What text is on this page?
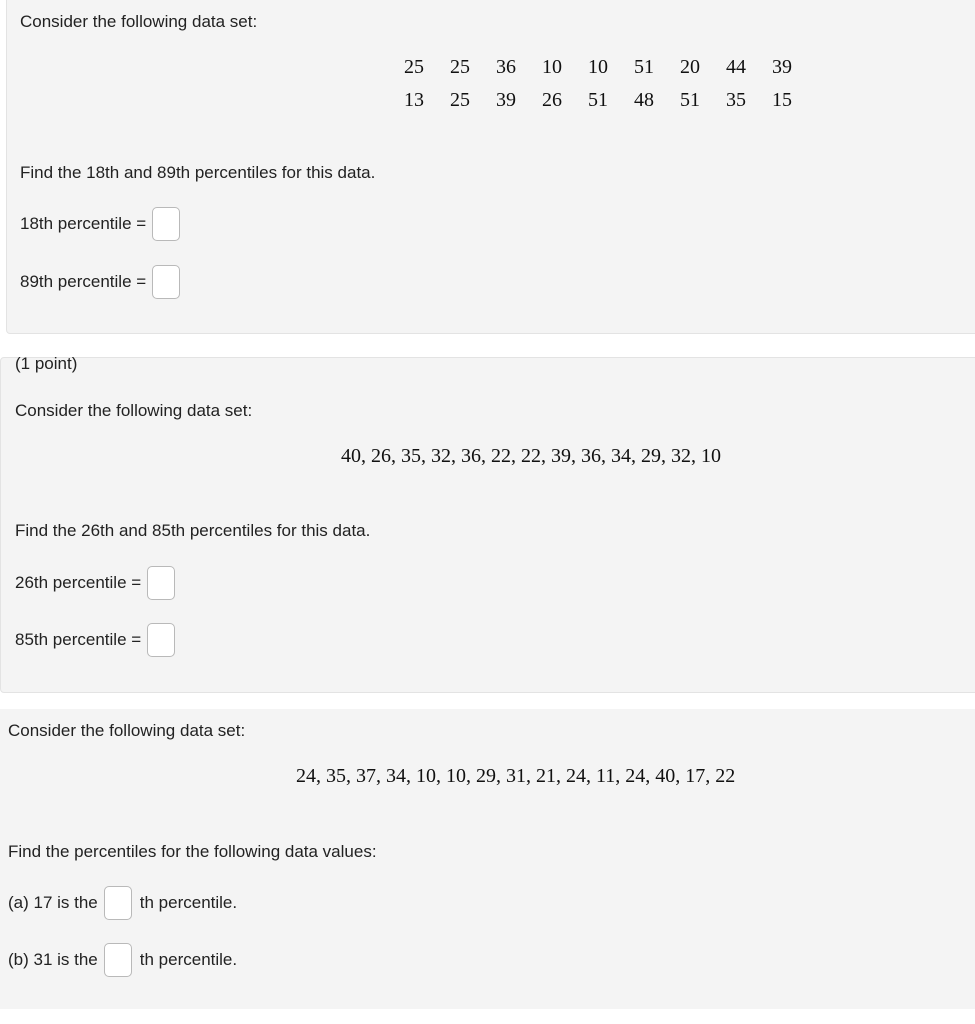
Consider the following data set:
25	25	36	10	10	51	20	44	39
13	25	39	26	51	48	51	35	15
Find the 18th and 89th percentiles for this data.
18th percentile =
89th percentile =
(1 point)
Consider the following data set:
40, 26, 35, 32, 36, 22, 22, 39, 36, 34, 29, 32, 10
Find the 26th and 85th percentiles for this data.
26th percentile =
85th percentile =
Consider the following data set:
24, 35, 37, 34, 10, 10, 29, 31, 21, 24, 11, 24, 40, 17, 22
Find the percentiles for the following data values:
(a) 17 is the th percentile.
(b) 31 is the th percentile.
